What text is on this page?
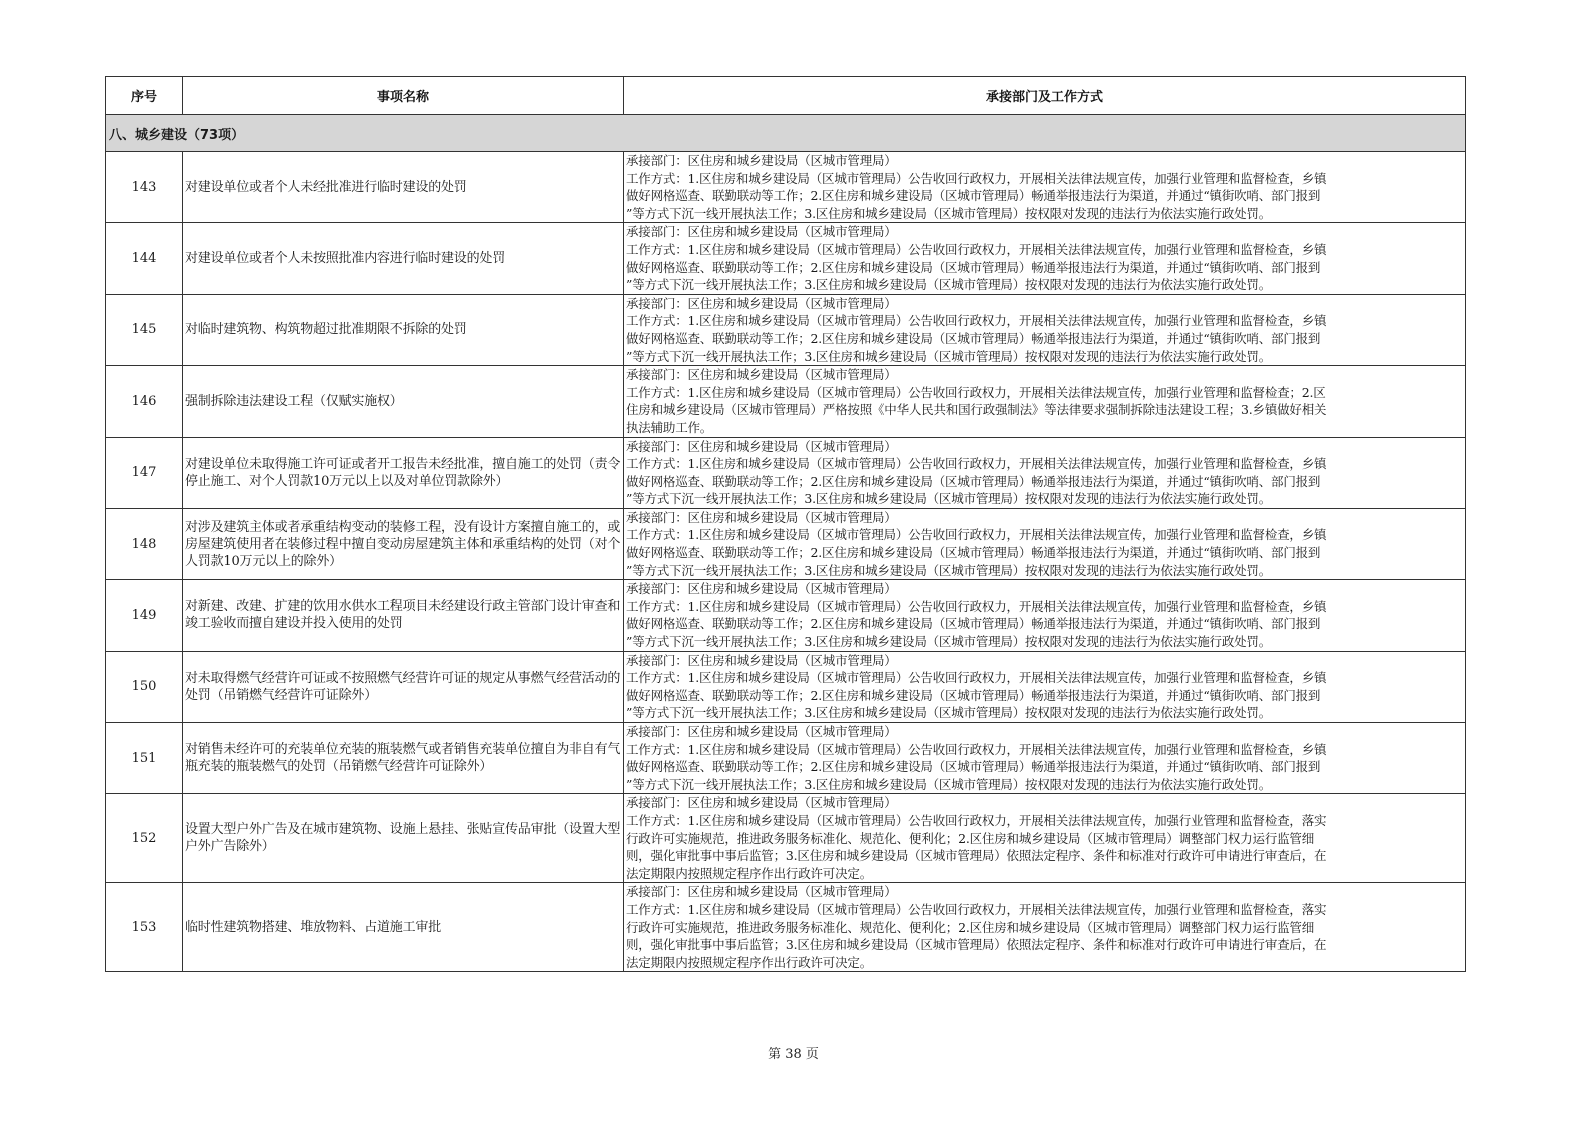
序号	事项名称	承接部门及工作方式
八、城乡建设（73项）		
143	对建设单位或者个人未经批准进行临时建设的处罚	承接部门：区住房和城乡建设局（区城市管理局）
工作方式：1.区住房和城乡建设局（区城市管理局）公告收回行政权力，开展相关法律法规宣传，加强行业管理和监督检查，乡镇
做好网格巡查、联勤联动等工作；2.区住房和城乡建设局（区城市管理局）畅通举报违法行为渠道，并通过“镇街吹哨、部门报到
”等方式下沉一线开展执法工作；3.区住房和城乡建设局（区城市管理局）按权限对发现的违法行为依法实施行政处罚。

144	对建设单位或者个人未按照批准内容进行临时建设的处罚	承接部门：区住房和城乡建设局（区城市管理局）
工作方式：1.区住房和城乡建设局（区城市管理局）公告收回行政权力，开展相关法律法规宣传，加强行业管理和监督检查，乡镇
做好网格巡查、联勤联动等工作；2.区住房和城乡建设局（区城市管理局）畅通举报违法行为渠道，并通过“镇街吹哨、部门报到
”等方式下沉一线开展执法工作；3.区住房和城乡建设局（区城市管理局）按权限对发现的违法行为依法实施行政处罚。

145	对临时建筑物、构筑物超过批准期限不拆除的处罚	承接部门：区住房和城乡建设局（区城市管理局）
工作方式：1.区住房和城乡建设局（区城市管理局）公告收回行政权力，开展相关法律法规宣传，加强行业管理和监督检查，乡镇
做好网格巡查、联勤联动等工作；2.区住房和城乡建设局（区城市管理局）畅通举报违法行为渠道，并通过“镇街吹哨、部门报到
”等方式下沉一线开展执法工作；3.区住房和城乡建设局（区城市管理局）按权限对发现的违法行为依法实施行政处罚。

146	强制拆除违法建设工程（仅赋实施权）	承接部门：区住房和城乡建设局（区城市管理局）
工作方式：1.区住房和城乡建设局（区城市管理局）公告收回行政权力，开展相关法律法规宣传，加强行业管理和监督检查；2.区
住房和城乡建设局（区城市管理局）严格按照《中华人民共和国行政强制法》等法律要求强制拆除违法建设工程；3.乡镇做好相关
执法辅助工作。

147	对建设单位未取得施工许可证或者开工报告未经批准，擅自施工的处罚（责令停止施工、对个人罚款10万元以上以及对单位罚款除外）	承接部门：区住房和城乡建设局（区城市管理局）
工作方式：1.区住房和城乡建设局（区城市管理局）公告收回行政权力，开展相关法律法规宣传，加强行业管理和监督检查，乡镇
做好网格巡查、联勤联动等工作；2.区住房和城乡建设局（区城市管理局）畅通举报违法行为渠道，并通过“镇街吹哨、部门报到
”等方式下沉一线开展执法工作；3.区住房和城乡建设局（区城市管理局）按权限对发现的违法行为依法实施行政处罚。

148	对涉及建筑主体或者承重结构变动的装修工程，没有设计方案擅自施工的，或房屋建筑使用者在装修过程中擅自变动房屋建筑主体和承重结构的处罚（对个人罚款10万元以上的除外）	承接部门：区住房和城乡建设局（区城市管理局）
工作方式：1.区住房和城乡建设局（区城市管理局）公告收回行政权力，开展相关法律法规宣传，加强行业管理和监督检查，乡镇
做好网格巡查、联勤联动等工作；2.区住房和城乡建设局（区城市管理局）畅通举报违法行为渠道，并通过“镇街吹哨、部门报到
”等方式下沉一线开展执法工作；3.区住房和城乡建设局（区城市管理局）按权限对发现的违法行为依法实施行政处罚。

149	对新建、改建、扩建的饮用水供水工程项目未经建设行政主管部门设计审查和竣工验收而擅自建设并投入使用的处罚	承接部门：区住房和城乡建设局（区城市管理局）
工作方式：1.区住房和城乡建设局（区城市管理局）公告收回行政权力，开展相关法律法规宣传，加强行业管理和监督检查，乡镇
做好网格巡查、联勤联动等工作；2.区住房和城乡建设局（区城市管理局）畅通举报违法行为渠道，并通过“镇街吹哨、部门报到
”等方式下沉一线开展执法工作；3.区住房和城乡建设局（区城市管理局）按权限对发现的违法行为依法实施行政处罚。

150	对未取得燃气经营许可证或不按照燃气经营许可证的规定从事燃气经营活动的处罚（吊销燃气经营许可证除外）	承接部门：区住房和城乡建设局（区城市管理局）
工作方式：1.区住房和城乡建设局（区城市管理局）公告收回行政权力，开展相关法律法规宣传，加强行业管理和监督检查，乡镇
做好网格巡查、联勤联动等工作；2.区住房和城乡建设局（区城市管理局）畅通举报违法行为渠道，并通过“镇街吹哨、部门报到
”等方式下沉一线开展执法工作；3.区住房和城乡建设局（区城市管理局）按权限对发现的违法行为依法实施行政处罚。

151	对销售未经许可的充装单位充装的瓶装燃气或者销售充装单位擅自为非自有气瓶充装的瓶装燃气的处罚（吊销燃气经营许可证除外）	承接部门：区住房和城乡建设局（区城市管理局）
工作方式：1.区住房和城乡建设局（区城市管理局）公告收回行政权力，开展相关法律法规宣传，加强行业管理和监督检查，乡镇
做好网格巡查、联勤联动等工作；2.区住房和城乡建设局（区城市管理局）畅通举报违法行为渠道，并通过“镇街吹哨、部门报到
”等方式下沉一线开展执法工作；3.区住房和城乡建设局（区城市管理局）按权限对发现的违法行为依法实施行政处罚。

152	设置大型户外广告及在城市建筑物、设施上悬挂、张贴宣传品审批（设置大型户外广告除外）	承接部门：区住房和城乡建设局（区城市管理局）
工作方式：1.区住房和城乡建设局（区城市管理局）公告收回行政权力，开展相关法律法规宣传，加强行业管理和监督检查，落实
行政许可实施规范，推进政务服务标准化、规范化、便利化；2.区住房和城乡建设局（区城市管理局）调整部门权力运行监管细
则，强化审批事中事后监管；3.区住房和城乡建设局（区城市管理局）依照法定程序、条件和标准对行政许可申请进行审查后，在
法定期限内按照规定程序作出行政许可决定。

153	临时性建筑物搭建、堆放物料、占道施工审批	承接部门：区住房和城乡建设局（区城市管理局）
工作方式：1.区住房和城乡建设局（区城市管理局）公告收回行政权力，开展相关法律法规宣传，加强行业管理和监督检查，落实
行政许可实施规范，推进政务服务标准化、规范化、便利化；2.区住房和城乡建设局（区城市管理局）调整部门权力运行监管细
则，强化审批事中事后监管；3.区住房和城乡建设局（区城市管理局）依照法定程序、条件和标准对行政许可申请进行审查后，在
法定期限内按照规定程序作出行政许可决定。
第 38 页
